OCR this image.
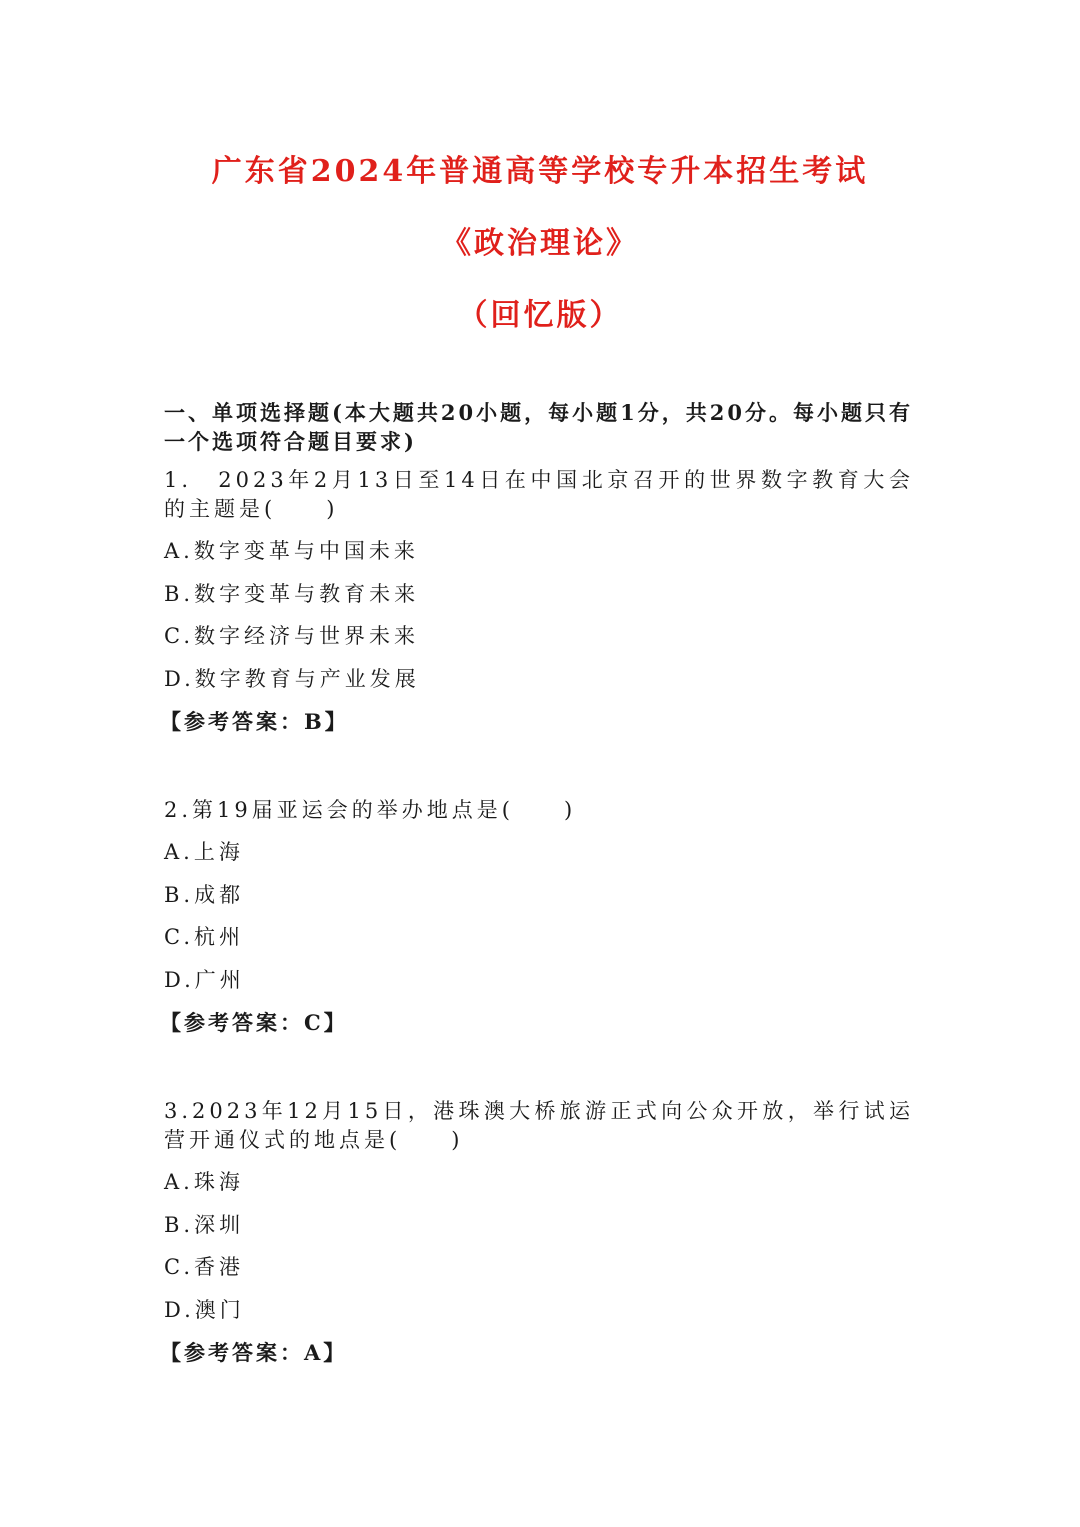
广东省2024年普通高等学校专升本招生考试
《政治理论》
（回忆版）
一、单项选择题(本大题共20小题，每小题1分，共20分。每小题只有一个选项符合题目要求)
1.　2023年2月13日至14日在中国北京召开的世界数字教育大会的主题是(　　)
A.数字变革与中国未来
B.数字变革与教育未来
C.数字经济与世界未来
D.数字教育与产业发展
【参考答案：B】
2.第19届亚运会的举办地点是(　　)
A.上海
B.成都
C.杭州
D.广州
【参考答案：C】
3.2023年12月15日，港珠澳大桥旅游正式向公众开放，举行试运营开通仪式的地点是(　　)
A.珠海
B.深圳
C.香港
D.澳门
【参考答案：A】
